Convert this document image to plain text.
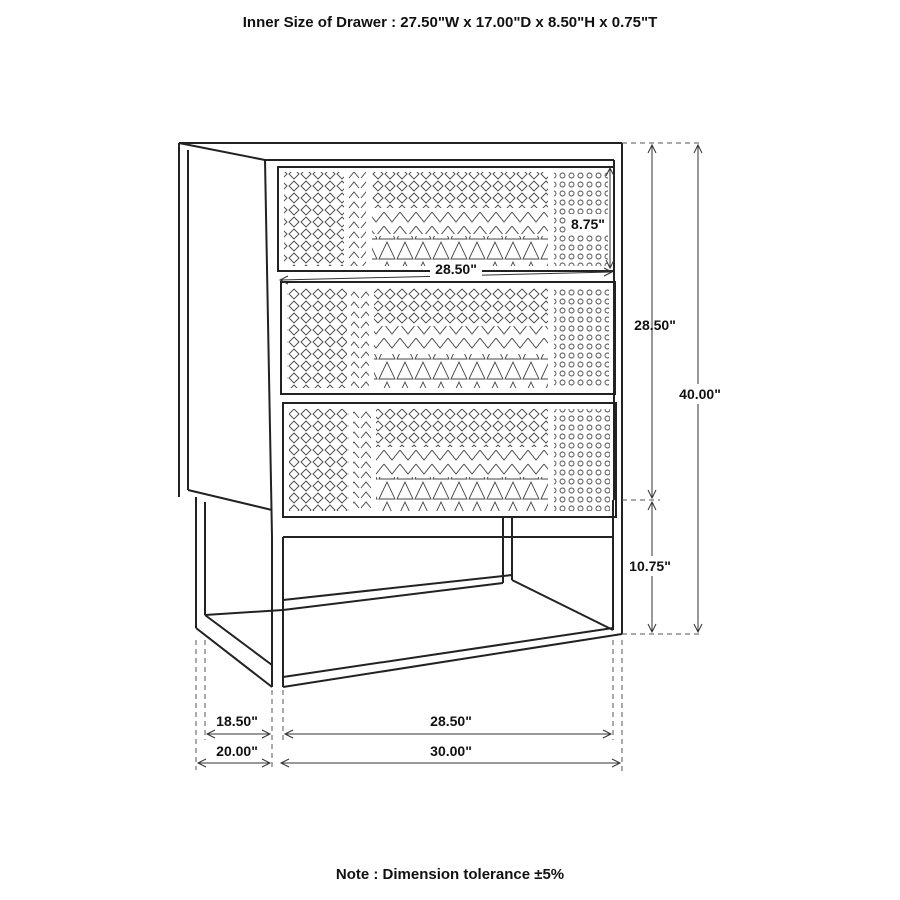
Inner Size of Drawer : 27.50"W x 17.00"D x 8.50"H x 0.75"T
8.75"
28.50"
28.50"
10.75"
40.00"
18.50"	28.50"
20.00"	30.00"
Note : Dimension tolerance ±5%
